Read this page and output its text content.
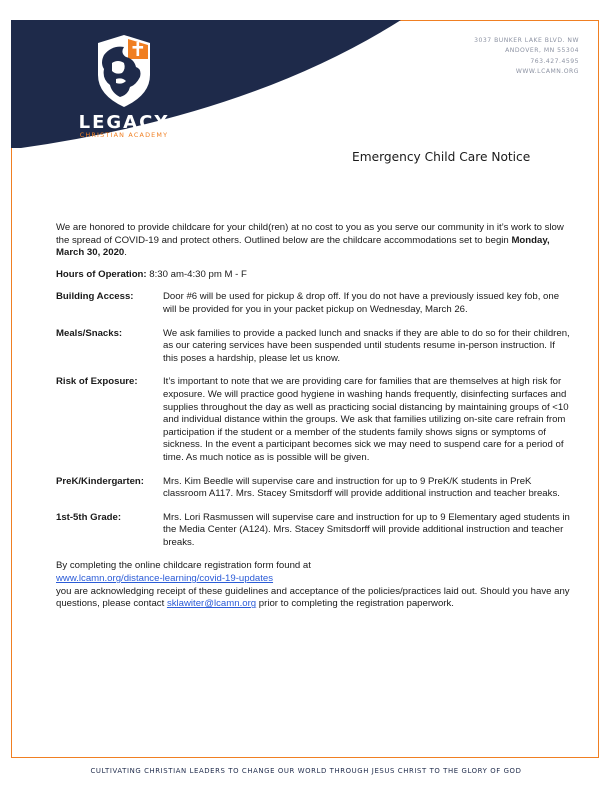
LEGACY
CHRISTIAN ACADEMY
3037 BUNKER LAKE BLVD. NW
ANDOVER, MN 55304
763.427.4595
WWW.LCAMN.ORG
Emergency Child Care Notice

We are honored to provide childcare for your child(ren) at no cost to you as you serve our community in it’s work to slow the spread of COVID-19 and protect others. Outlined below are the childcare accommodations set to begin Monday, March 30, 2020.

Hours of Operation: 8:30 am-4:30 pm M - F

Building Access:	Door #6 will be used for pickup & drop off. If you do not have a previously issued key fob, one will be provided for you in your packet pickup on Wednesday, March 26.
Meals/Snacks:	We ask families to provide a packed lunch and snacks if they are able to do so for their children, as our catering services have been suspended until students resume in-person instruction. If this poses a hardship, please let us know.
Risk of Exposure:	It’s important to note that we are providing care for families that are themselves at high risk for exposure. We will practice good hygiene in washing hands frequently, disinfecting surfaces and supplies throughout the day as well as practicing social distancing by maintaining groups of <10 and individual distance within the groups. We ask that families utilizing on-site care refrain from participation if the student or a member of the students family shows signs or symptoms of sickness. In the event a participant becomes sick we may need to suspend care for a period of time. As much notice as is possible will be given.
PreK/Kindergarten:	Mrs. Kim Beedle will supervise care and instruction for up to 9 PreK/K students in PreK classroom A117. Mrs. Stacey Smitsdorff will provide additional instruction and teacher breaks.
1st-5th Grade:	Mrs. Lori Rasmussen will supervise care and instruction for up to 9 Elementary aged students in the Media Center (A124). Mrs. Stacey Smitsdorff will provide additional instruction and teacher breaks.

By completing the online childcare registration form found at
www.lcamn.org/distance-learning/covid-19-updates
you are acknowledging receipt of these guidelines and acceptance of the policies/practices laid out. Should you have any questions, please contact sklawiter@lcamn.org prior to completing the registration paperwork.

CULTIVATING CHRISTIAN LEADERS TO CHANGE OUR WORLD THROUGH JESUS CHRIST TO THE GLORY OF GOD
